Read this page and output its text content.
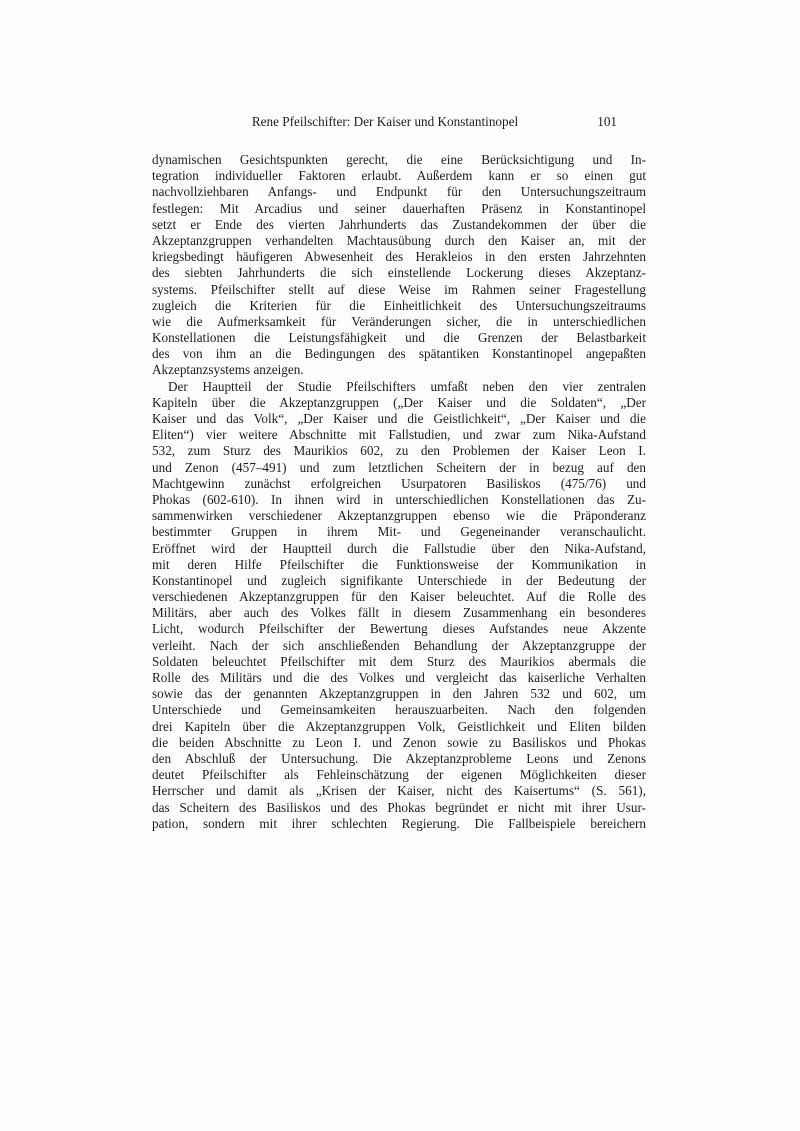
Rene Pfeilschifter: Der Kaiser und Konstantinopel	101
dynamischen Gesichtspunkten gerecht, die eine Berücksichtigung und In-
tegration individueller Faktoren erlaubt. Außerdem kann er so einen gut
nachvollziehbaren Anfangs- und Endpunkt für den Untersuchungszeitraum
festlegen: Mit Arcadius und seiner dauerhaften Präsenz in Konstantinopel
setzt er Ende des vierten Jahrhunderts das Zustandekommen der über die
Akzeptanzgruppen verhandelten Machtausübung durch den Kaiser an, mit der
kriegsbedingt häufigeren Abwesenheit des Herakleios in den ersten Jahrzehnten
des siebten Jahrhunderts die sich einstellende Lockerung dieses Akzeptanz-
systems. Pfeilschifter stellt auf diese Weise im Rahmen seiner Fragestellung
zugleich die Kriterien für die Einheitlichkeit des Untersuchungszeitraums
wie die Aufmerksamkeit für Veränderungen sicher, die in unterschiedlichen
Konstellationen die Leistungsfähigkeit und die Grenzen der Belastbarkeit
des von ihm an die Bedingungen des spätantiken Konstantinopel angepaßten
Akzeptanzsystems anzeigen.
Der Hauptteil der Studie Pfeilschifters umfaßt neben den vier zentralen
Kapiteln über die Akzeptanzgruppen („Der Kaiser und die Soldaten“, „Der
Kaiser und das Volk“, „Der Kaiser und die Geistlichkeit“, „Der Kaiser und die
Eliten“) vier weitere Abschnitte mit Fallstudien, und zwar zum Nika-Aufstand
532, zum Sturz des Maurikios 602, zu den Problemen der Kaiser Leon I.
und Zenon (457–491) und zum letztlichen Scheitern der in bezug auf den
Machtgewinn zunächst erfolgreichen Usurpatoren Basiliskos (475/76) und
Phokas (602-610). In ihnen wird in unterschiedlichen Konstellationen das Zu-
sammenwirken verschiedener Akzeptanzgruppen ebenso wie die Präponderanz
bestimmter Gruppen in ihrem Mit- und Gegeneinander veranschaulicht.
Eröffnet wird der Hauptteil durch die Fallstudie über den Nika-Aufstand,
mit deren Hilfe Pfeilschifter die Funktionsweise der Kommunikation in
Konstantinopel und zugleich signifikante Unterschiede in der Bedeutung der
verschiedenen Akzeptanzgruppen für den Kaiser beleuchtet. Auf die Rolle des
Militärs, aber auch des Volkes fällt in diesem Zusammenhang ein besonderes
Licht, wodurch Pfeilschifter der Bewertung dieses Aufstandes neue Akzente
verleiht. Nach der sich anschließenden Behandlung der Akzeptanzgruppe der
Soldaten beleuchtet Pfeilschifter mit dem Sturz des Maurikios abermals die
Rolle des Militärs und die des Volkes und vergleicht das kaiserliche Verhalten
sowie das der genannten Akzeptanzgruppen in den Jahren 532 und 602, um
Unterschiede und Gemeinsamkeiten herauszuarbeiten. Nach den folgenden
drei Kapiteln über die Akzeptanzgruppen Volk, Geistlichkeit und Eliten bilden
die beiden Abschnitte zu Leon I. und Zenon sowie zu Basiliskos und Phokas
den Abschluß der Untersuchung. Die Akzeptanzprobleme Leons und Zenons
deutet Pfeilschifter als Fehleinschätzung der eigenen Möglichkeiten dieser
Herrscher und damit als „Krisen der Kaiser, nicht des Kaisertums“ (S. 561),
das Scheitern des Basiliskos und des Phokas begründet er nicht mit ihrer Usur-
pation, sondern mit ihrer schlechten Regierung. Die Fallbeispiele bereichern
